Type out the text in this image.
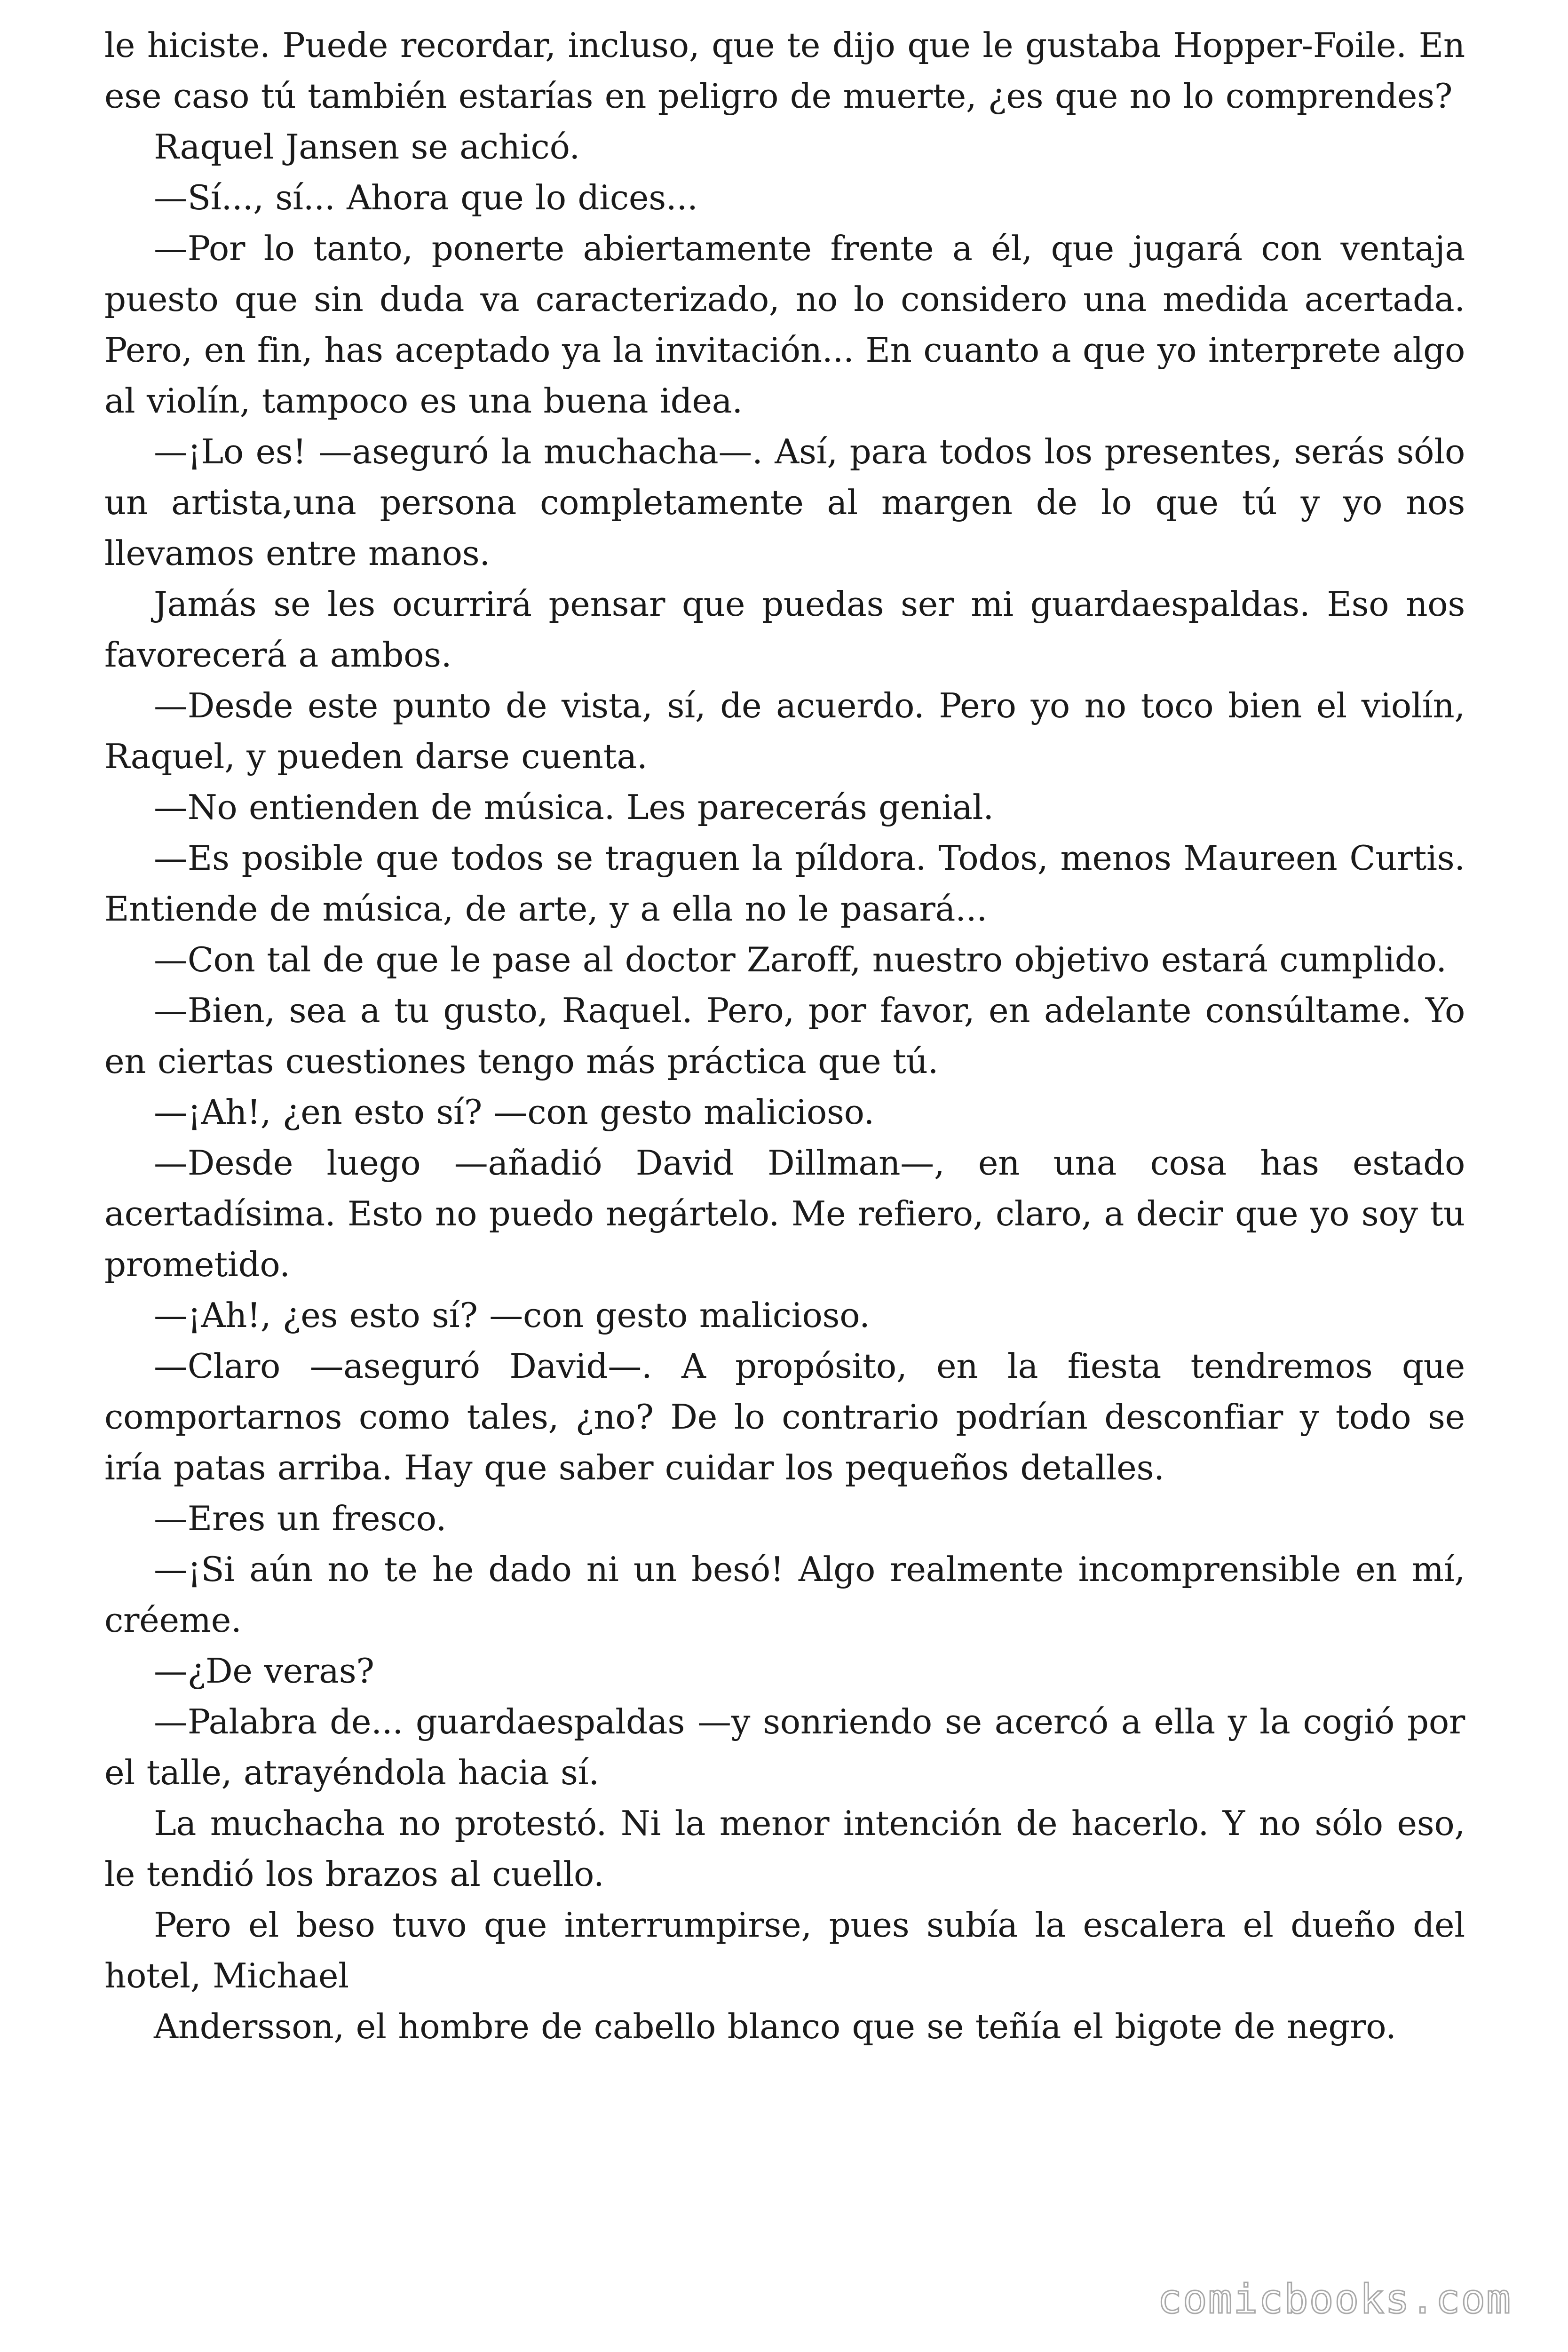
le hiciste. Puede recordar, incluso, que te dijo que le gustaba Hopper-Foile. En ese caso tú también estarías en peligro de muerte, ¿es que no lo comprendes?

Raquel Jansen se achicó.

—Sí..., sí... Ahora que lo dices...

—Por lo tanto, ponerte abiertamente frente a él, que jugará con ventaja puesto que sin duda va caracterizado, no lo considero una medida acertada. Pero, en fin, has aceptado ya la invitación... En cuanto a que yo interprete algo al violín, tampoco es una buena idea.

—¡Lo es! —aseguró la muchacha—. Así, para todos los presentes, serás sólo un artista,una persona completamente al margen de lo que tú y yo nos llevamos entre manos.

Jamás se les ocurrirá pensar que puedas ser mi guardaespaldas. Eso nos favorecerá a ambos.

—Desde este punto de vista, sí, de acuerdo. Pero yo no toco bien el violín, Raquel, y pueden darse cuenta.

—No entienden de música. Les parecerás genial.

—Es posible que todos se traguen la píldora. Todos, menos Maureen Curtis. Entiende de música, de arte, y a ella no le pasará...

—Con tal de que le pase al doctor Zaroff, nuestro objetivo estará cumplido.

—Bien, sea a tu gusto, Raquel. Pero, por favor, en adelante consúltame. Yo en ciertas cuestiones tengo más práctica que tú.

—¡Ah!, ¿en esto sí? —con gesto malicioso.

—Desde luego —añadió David Dillman—, en una cosa has estado acertadísima. Esto no puedo negártelo. Me refiero, claro, a decir que yo soy tu prometido.

—¡Ah!, ¿es esto sí? —con gesto malicioso.

—Claro —aseguró David—. A propósito, en la fiesta tendremos que comportarnos como tales, ¿no? De lo contrario podrían desconfiar y todo se iría patas arriba. Hay que saber cuidar los pequeños detalles.

—Eres un fresco.

—¡Si aún no te he dado ni un besó! Algo realmente incomprensible en mí, créeme.

—¿De veras?

—Palabra de... guardaespaldas —y sonriendo se acercó a ella y la cogió por el talle, atrayéndola hacia sí.

La muchacha no protestó. Ni la menor intención de hacerlo. Y no sólo eso, le tendió los brazos al cuello.

Pero el beso tuvo que interrumpirse, pues subía la escalera el dueño del hotel, Michael

Andersson, el hombre de cabello blanco que se teñía el bigote de negro.

comicbooks.com
